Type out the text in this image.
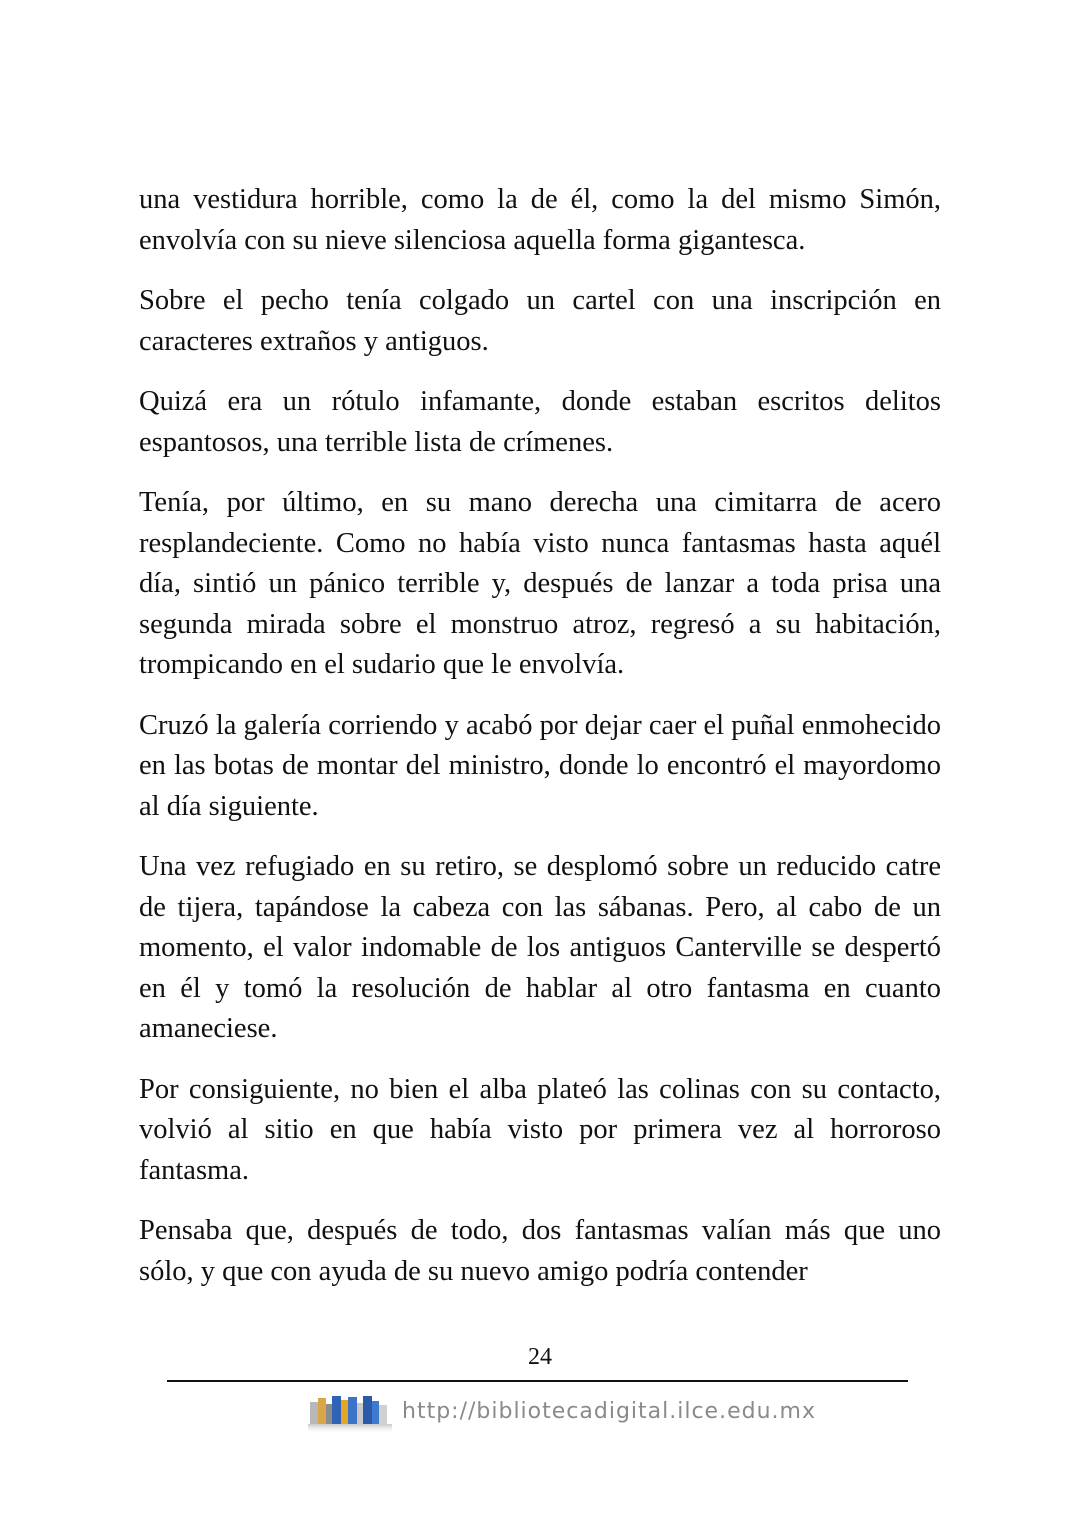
una vestidura horrible, como la de él, como la del mismo Simón, envolvía con su nieve silenciosa aquella forma gigantesca.

Sobre el pecho tenía colgado un cartel con una inscripción en caracteres extraños y antiguos.

Quizá era un rótulo infamante, donde estaban escritos delitos espantosos, una terrible lista de crímenes.

Tenía, por último, en su mano derecha una cimitarra de acero resplandeciente. Como no había visto nunca fantasmas hasta aquél día, sintió un pánico terrible y, después de lanzar a toda prisa una segunda mirada sobre el monstruo atroz, regresó a su habitación, trompicando en el sudario que le envolvía.

Cruzó la galería corriendo y acabó por dejar caer el puñal enmohecido en las botas de montar del ministro, donde lo encontró el mayordomo al día siguiente.

Una vez refugiado en su retiro, se desplomó sobre un reducido catre de tijera, tapándose la cabeza con las sábanas. Pero, al cabo de un momento, el valor indomable de los antiguos Canterville se despertó en él y tomó la resolución de hablar al otro fantasma en cuanto amaneciese.

Por consiguiente, no bien el alba plateó las colinas con su contacto, volvió al sitio en que había visto por primera vez al horroroso fantasma.

Pensaba que, después de todo, dos fantasmas valían más que uno sólo, y que con ayuda de su nuevo amigo podría contender

24
http://bibliotecadigital.ilce.edu.mx
